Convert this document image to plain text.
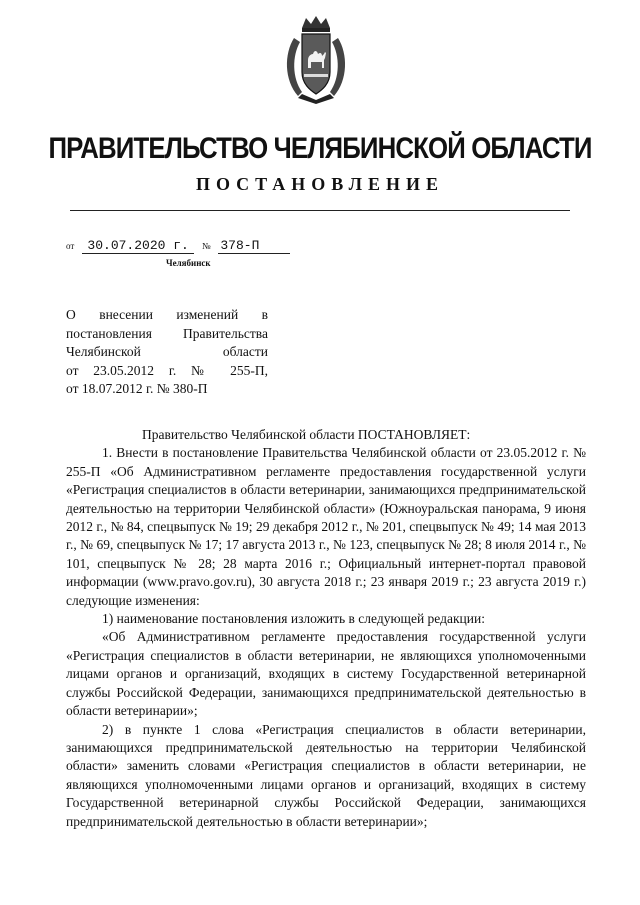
ПРАВИТЕЛЬСТВО ЧЕЛЯБИНСКОЙ ОБЛАСТИ
ПОСТАНОВЛЕНИЕ
от 30.07.2020 г. № 378-П
Челябинск
О внесении изменений в
постановления Правительства
Челябинской области
от 23.05.2012 г. № 255-П,
от 18.07.2012 г. № 380-П

Правительство Челябинской области ПОСТАНОВЛЯЕТ:

1. Внести в постановление Правительства Челябинской области от 23.05.2012 г. № 255-П «Об Административном регламенте предоставления государственной услуги «Регистрация специалистов в области ветеринарии, занимающихся предпринимательской деятельностью на территории Челябинской области» (Южноуральская панорама, 9 июня 2012 г., № 84, спецвыпуск № 19; 29 декабря 2012 г., № 201, спецвыпуск № 49; 14 мая 2013 г., № 69, спецвыпуск № 17; 17 августа 2013 г., № 123, спецвыпуск № 28; 8 июля 2014 г., № 101, спецвыпуск № 28; 28 марта 2016 г.; Официальный интернет-портал правовой информации (www.pravo.gov.ru), 30 августа 2018 г.; 23 января 2019 г.; 23 августа 2019 г.) следующие изменения:

1) наименование постановления изложить в следующей редакции:

«Об Административном регламенте предоставления государственной услуги «Регистрация специалистов в области ветеринарии, не являющихся уполномоченными лицами органов и организаций, входящих в систему Государственной ветеринарной службы Российской Федерации, занимающихся предпринимательской деятельностью в области ветеринарии»;

2) в пункте 1 слова «Регистрация специалистов в области ветеринарии, занимающихся предпринимательской деятельностью на территории Челябинской области» заменить словами «Регистрация специалистов в области ветеринарии, не являющихся уполномоченными лицами органов и организаций, входящих в систему Государственной ветеринарной службы Российской Федерации, занимающихся предпринимательской деятельностью в области ветеринарии»;
